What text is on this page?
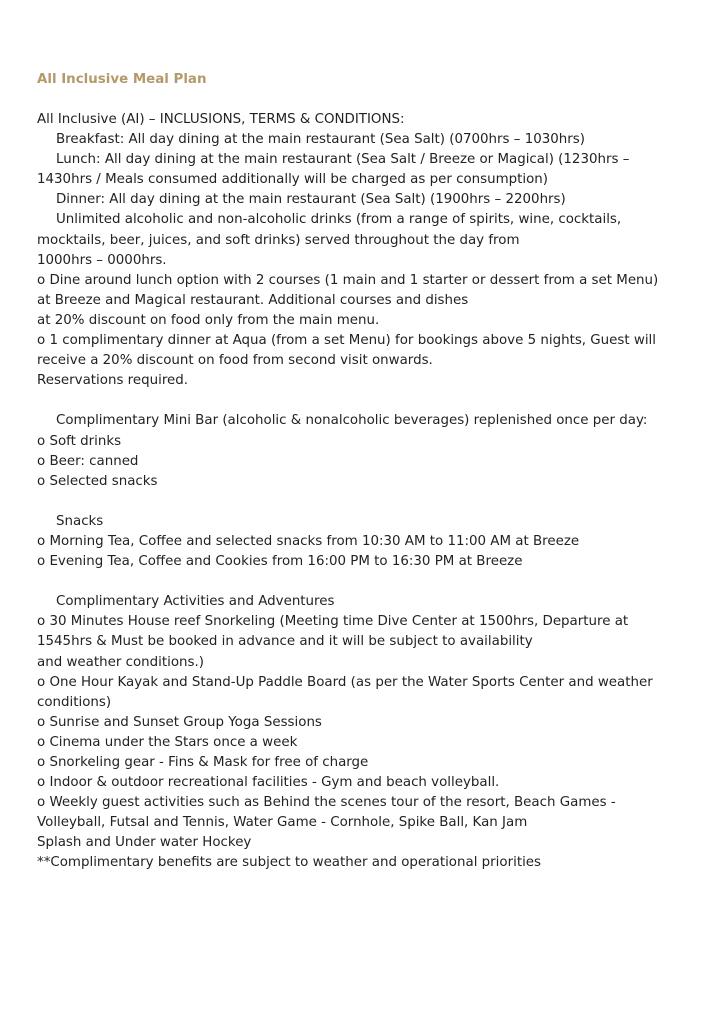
All Inclusive Meal Plan
All Inclusive (AI) – INCLUSIONS, TERMS & CONDITIONS:
Breakfast: All day dining at the main restaurant (Sea Salt) (0700hrs – 1030hrs)
Lunch: All day dining at the main restaurant (Sea Salt / Breeze or Magical) (1230hrs –
1430hrs / Meals consumed additionally will be charged as per consumption)
Dinner: All day dining at the main restaurant (Sea Salt) (1900hrs – 2200hrs)
Unlimited alcoholic and non-alcoholic drinks (from a range of spirits, wine, cocktails,
mocktails, beer, juices, and soft drinks) served throughout the day from
1000hrs – 0000hrs.
o Dine around lunch option with 2 courses (1 main and 1 starter or dessert from a set Menu)
at Breeze and Magical restaurant. Additional courses and dishes
at 20% discount on food only from the main menu.
o 1 complimentary dinner at Aqua (from a set Menu) for bookings above 5 nights, Guest will
receive a 20% discount on food from second visit onwards.
Reservations required.
Complimentary Mini Bar (alcoholic & nonalcoholic beverages) replenished once per day:
o Soft drinks
o Beer: canned
o Selected snacks
Snacks
o Morning Tea, Coffee and selected snacks from 10:30 AM to 11:00 AM at Breeze
o Evening Tea, Coffee and Cookies from 16:00 PM to 16:30 PM at Breeze
Complimentary Activities and Adventures
o 30 Minutes House reef Snorkeling (Meeting time Dive Center at 1500hrs, Departure at
1545hrs & Must be booked in advance and it will be subject to availability
and weather conditions.)
o One Hour Kayak and Stand-Up Paddle Board (as per the Water Sports Center and weather
conditions)
o Sunrise and Sunset Group Yoga Sessions
o Cinema under the Stars once a week
o Snorkeling gear - Fins & Mask for free of charge
o Indoor & outdoor recreational facilities - Gym and beach volleyball.
o Weekly guest activities such as Behind the scenes tour of the resort, Beach Games -
Volleyball, Futsal and Tennis, Water Game - Cornhole, Spike Ball, Kan Jam
Splash and Under water Hockey
**Complimentary benefits are subject to weather and operational priorities
